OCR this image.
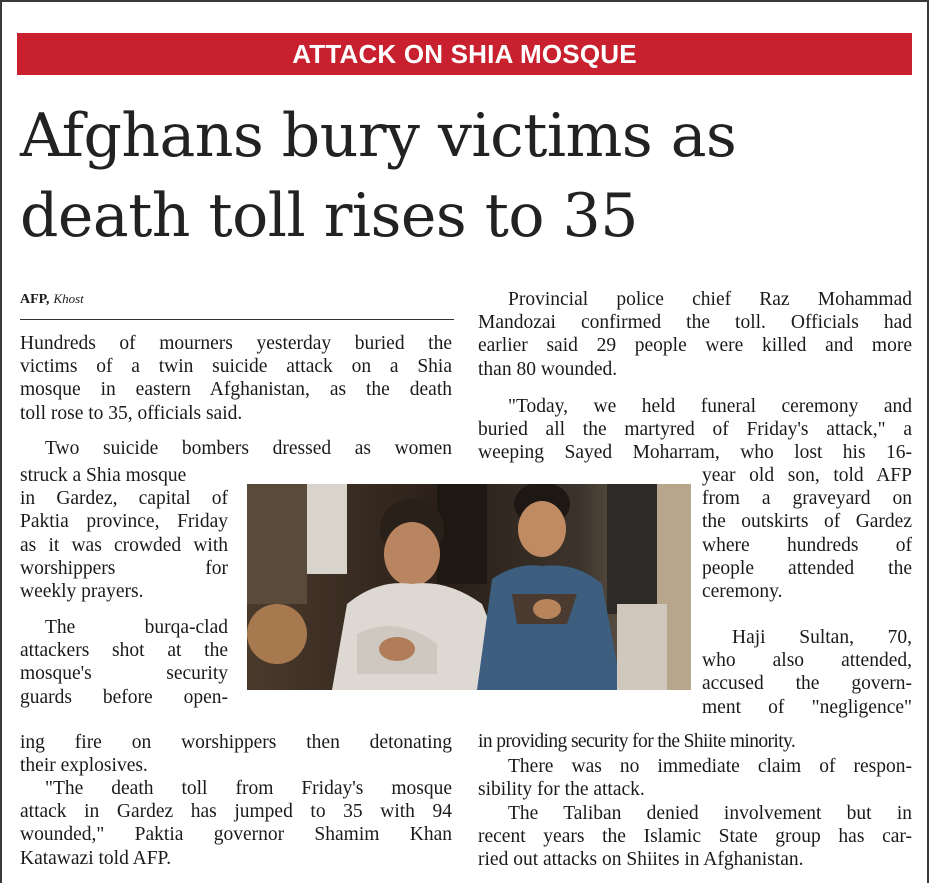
ATTACK ON SHIA MOSQUE
Afghans bury victims as
death toll rises to 35
AFP, Khost
Hundreds of mourners yesterday buried the
victims of a twin suicide attack on a Shia
mosque in eastern Afghanistan, as the death
toll rose to 35, officials said.
Two suicide bombers dressed as women
struck a Shia mosque
in Gardez, capital of
Paktia province, Friday
as it was crowded with
worshippers for
weekly prayers.
The burqa-clad
attackers shot at the
mosque's security
guards before open-
ing fire on worshippers then detonating
their explosives.
"The death toll from Friday's mosque
attack in Gardez has jumped to 35 with 94
wounded," Paktia governor Shamim Khan
Katawazi told AFP.
Provincial police chief Raz Mohammad
Mandozai confirmed the toll. Officials had
earlier said 29 people were killed and more
than 80 wounded.
"Today, we held funeral ceremony and
buried all the martyred of Friday's attack," a
weeping Sayed Moharram, who lost his 16-
year old son, told AFP
from a graveyard on
the outskirts of Gardez
where hundreds of
people attended the
ceremony.
Haji Sultan, 70,
who also attended,
accused the govern-
ment of "negligence"
in providing security for the Shiite minority.
There was no immediate claim of respon-
sibility for the attack.
The Taliban denied involvement but in
recent years the Islamic State group has car-
ried out attacks on Shiites in Afghanistan.
